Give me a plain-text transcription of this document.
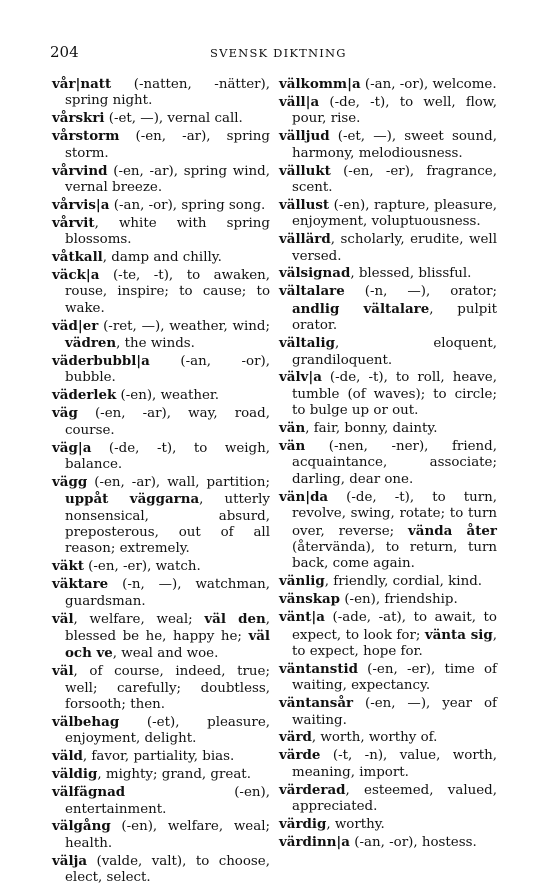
204	SVENSK DIKTNING
vår|natt (-natten, -nätter), spring night.
vårskri (-et, —), vernal call.
vårstorm (-en, -ar), spring storm.
vårvind (-en, -ar), spring wind, vernal breeze.
vårvis|a (-an, -or), spring song.
vårvit, white with spring blossoms.
våtkall, damp and chilly.
väck|a (-te, -t), to awaken, rouse, inspire; to cause; to wake.
väd|er (-ret, —), weather, wind; vädren, the winds.
väderbubbl|a (-an, -or), bubble.
väderlek (-en), weather.
väg (-en, -ar), way, road, course.
väg|a (-de, -t), to weigh, balance.
vägg (-en, -ar), wall, partition; uppåt väggarna, utterly nonsensical, absurd, preposterous, out of all reason; extremely.
väkt (-en, -er), watch.
väktare (-n, —), watchman, guardsman.
väl, welfare, weal; väl den, blessed be he, happy he; väl och ve, weal and woe.
väl, of course, indeed, true; well; carefully; doubtless, forsooth; then.
välbehag (-et), pleasure, enjoyment, delight.
väld, favor, partiality, bias.
väldig, mighty; grand, great.
välfägnad (-en), entertainment.
välgång (-en), welfare, weal; health.
välja (valde, valt), to choose, elect, select.
välkomm|a (-an, -or), welcome.
väll|a (-de, -t), to well, flow, pour, rise.
välljud (-et, —), sweet sound, harmony, melodiousness.
vällukt (-en, -er), fragrance, scent.
vällust (-en), rapture, pleasure, enjoyment, voluptuousness.
vällärd, scholarly, erudite, well versed.
välsignad, blessed, blissful.
vältalare (-n, —), orator; andlig vältalare, pulpit orator.
vältalig, eloquent, grandiloquent.
välv|a (-de, -t), to roll, heave, tumble (of waves); to circle; to bulge up or out.
vän, fair, bonny, dainty.
vän (-nen, -ner), friend, acquaintance, associate; darling, dear one.
vän|da (-de, -t), to turn, revolve, swing, rotate; to turn over, reverse; vända åter (återvända), to return, turn back, come again.
vänlig, friendly, cordial, kind.
vänskap (-en), friendship.
vänt|a (-ade, -at), to await, to expect, to look for; vänta sig, to expect, hope for.
väntanstid (-en, -er), time of waiting, expectancy.
väntansår (-en, —), year of waiting.
värd, worth, worthy of.
värde (-t, -n), value, worth, meaning, import.
värderad, esteemed, valued, appreciated.
värdig, worthy.
värdinn|a (-an, -or), hostess.
